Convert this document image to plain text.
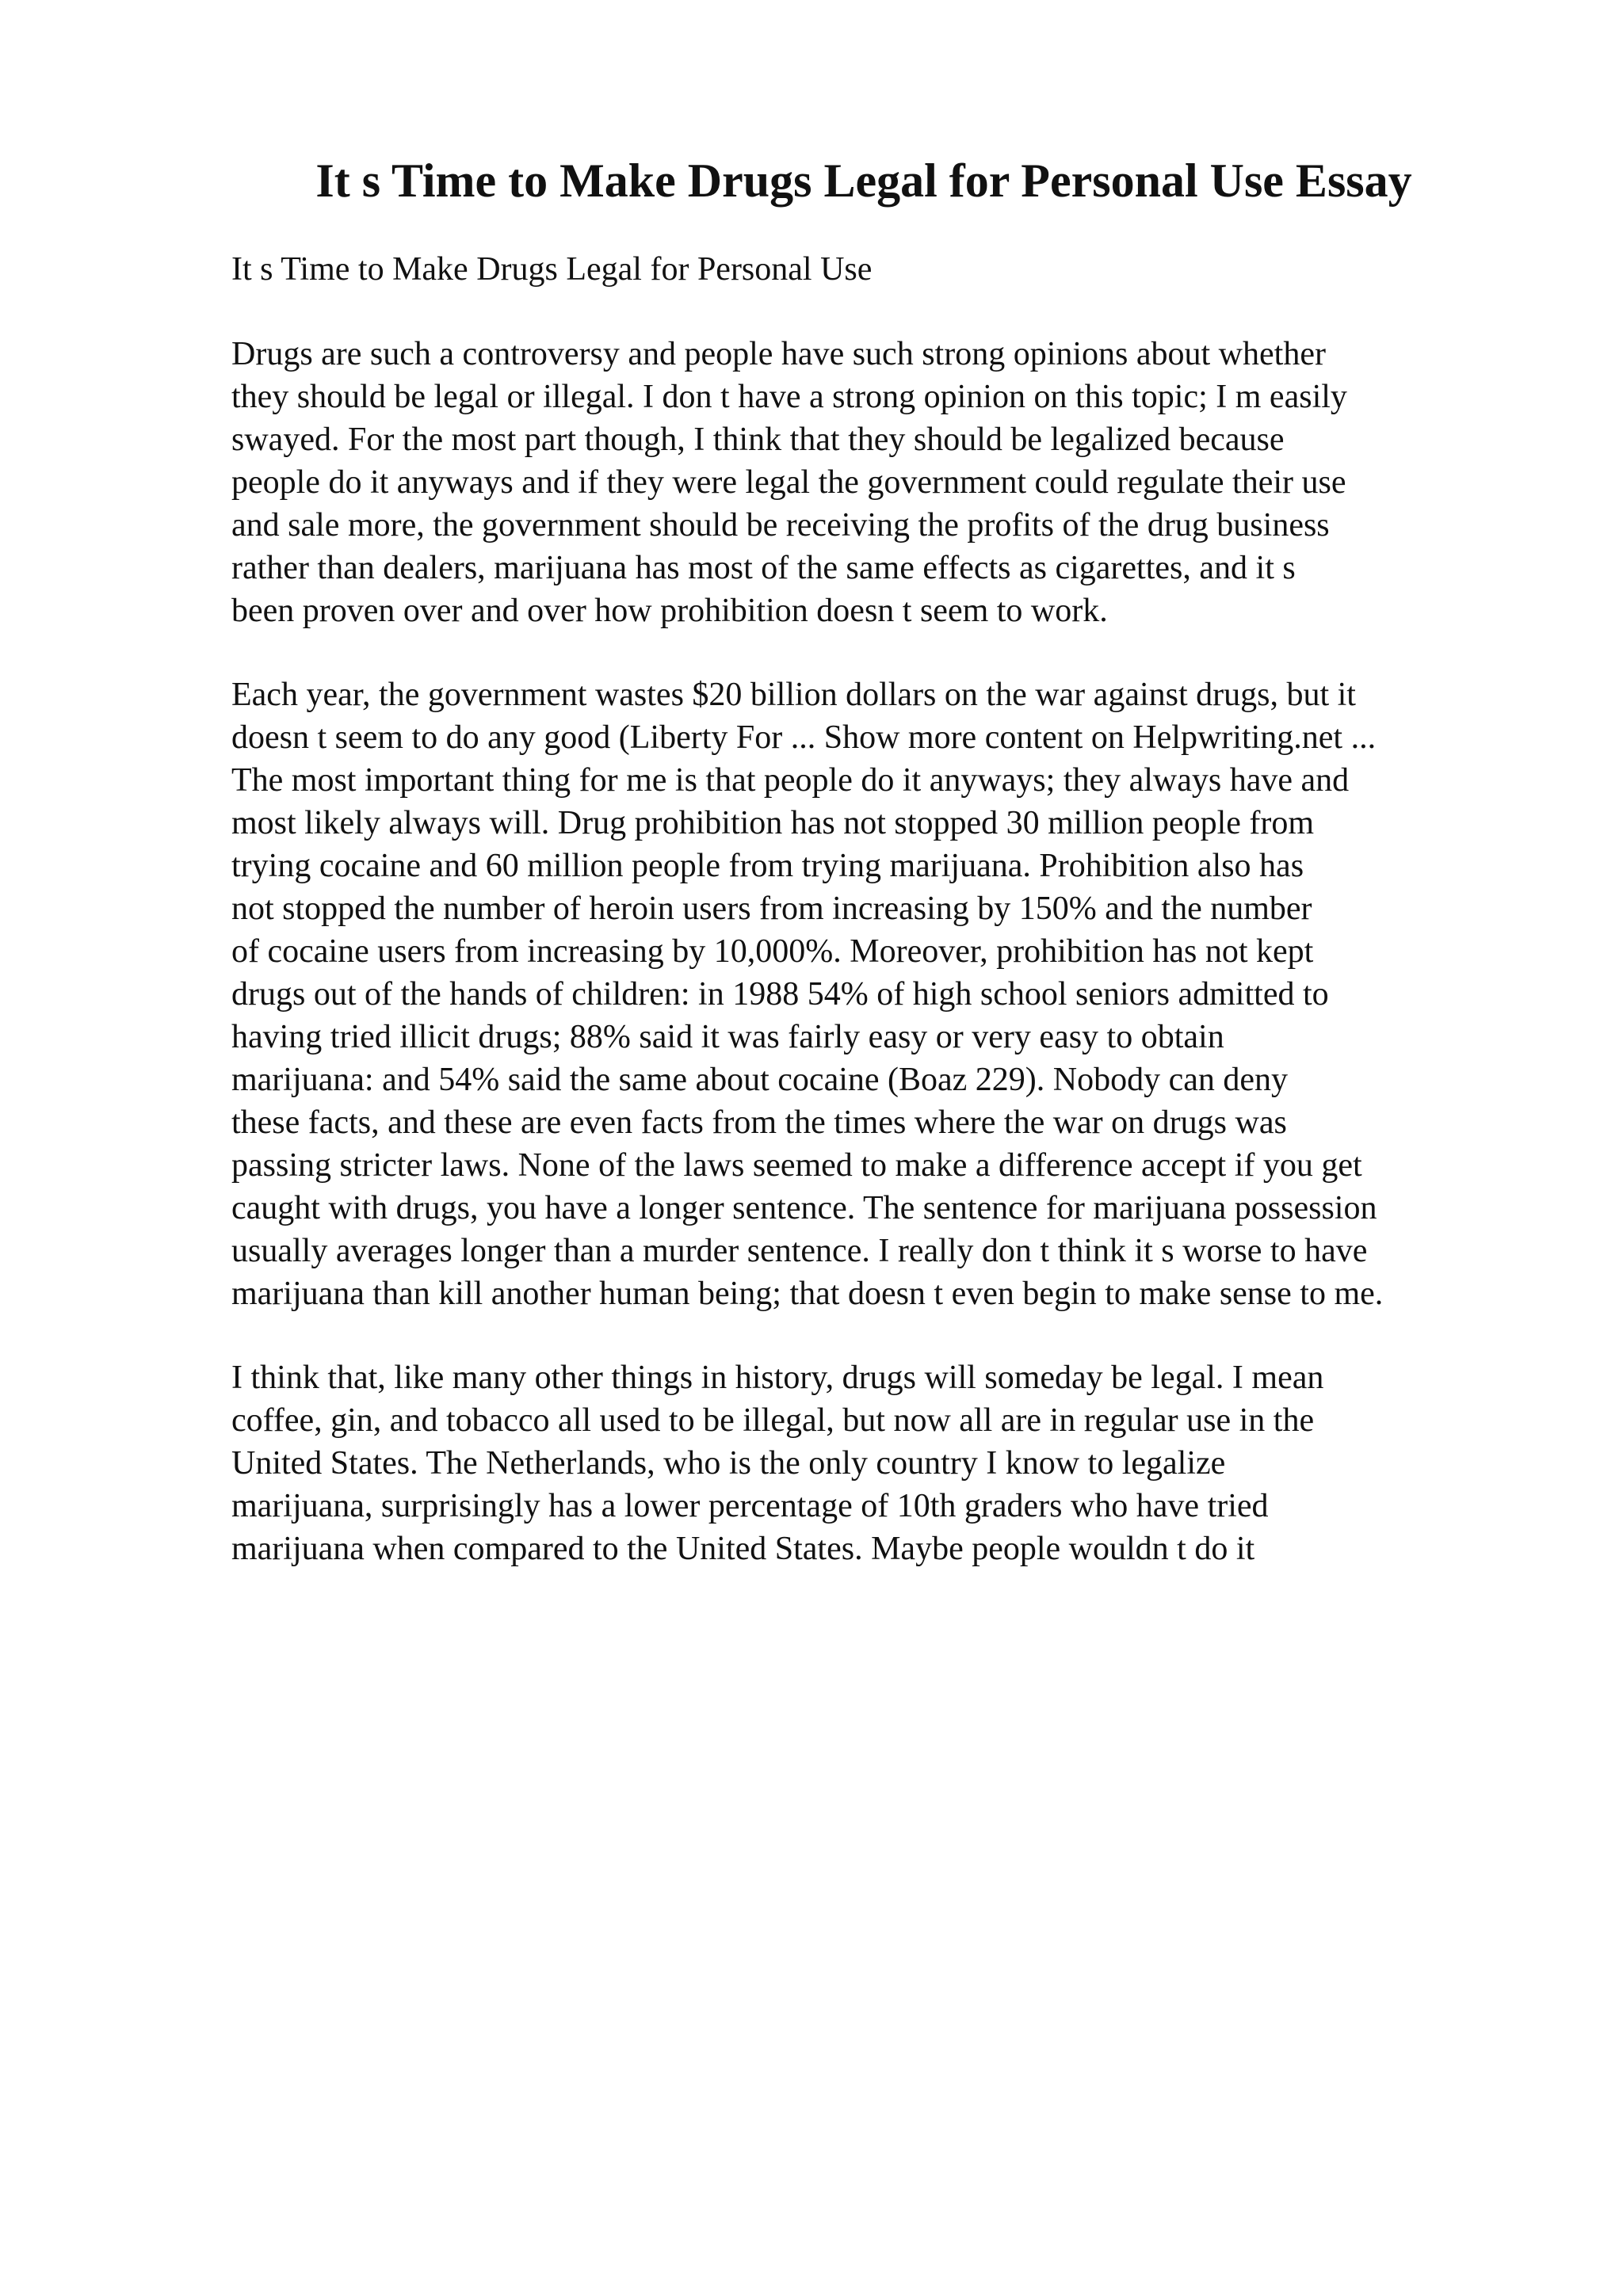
It s Time to Make Drugs Legal for Personal Use Essay
It s Time to Make Drugs Legal for Personal Use
Drugs are such a controversy and people have such strong opinions about whether
they should be legal or illegal. I don t have a strong opinion on this topic; I m easily
swayed. For the most part though, I think that they should be legalized because
people do it anyways and if they were legal the government could regulate their use
and sale more, the government should be receiving the profits of the drug business
rather than dealers, marijuana has most of the same effects as cigarettes, and it s
been proven over and over how prohibition doesn t seem to work.
Each year, the government wastes $20 billion dollars on the war against drugs, but it
doesn t seem to do any good (Liberty For ... Show more content on Helpwriting.net ...
The most important thing for me is that people do it anyways; they always have and
most likely always will. Drug prohibition has not stopped 30 million people from
trying cocaine and 60 million people from trying marijuana. Prohibition also has
not stopped the number of heroin users from increasing by 150% and the number
of cocaine users from increasing by 10,000%. Moreover, prohibition has not kept
drugs out of the hands of children: in 1988 54% of high school seniors admitted to
having tried illicit drugs; 88% said it was fairly easy or very easy to obtain
marijuana: and 54% said the same about cocaine (Boaz 229). Nobody can deny
these facts, and these are even facts from the times where the war on drugs was
passing stricter laws. None of the laws seemed to make a difference accept if you get
caught with drugs, you have a longer sentence. The sentence for marijuana possession
usually averages longer than a murder sentence. I really don t think it s worse to have
marijuana than kill another human being; that doesn t even begin to make sense to me.
I think that, like many other things in history, drugs will someday be legal. I mean
coffee, gin, and tobacco all used to be illegal, but now all are in regular use in the
United States. The Netherlands, who is the only country I know to legalize
marijuana, surprisingly has a lower percentage of 10th graders who have tried
marijuana when compared to the United States. Maybe people wouldn t do it
